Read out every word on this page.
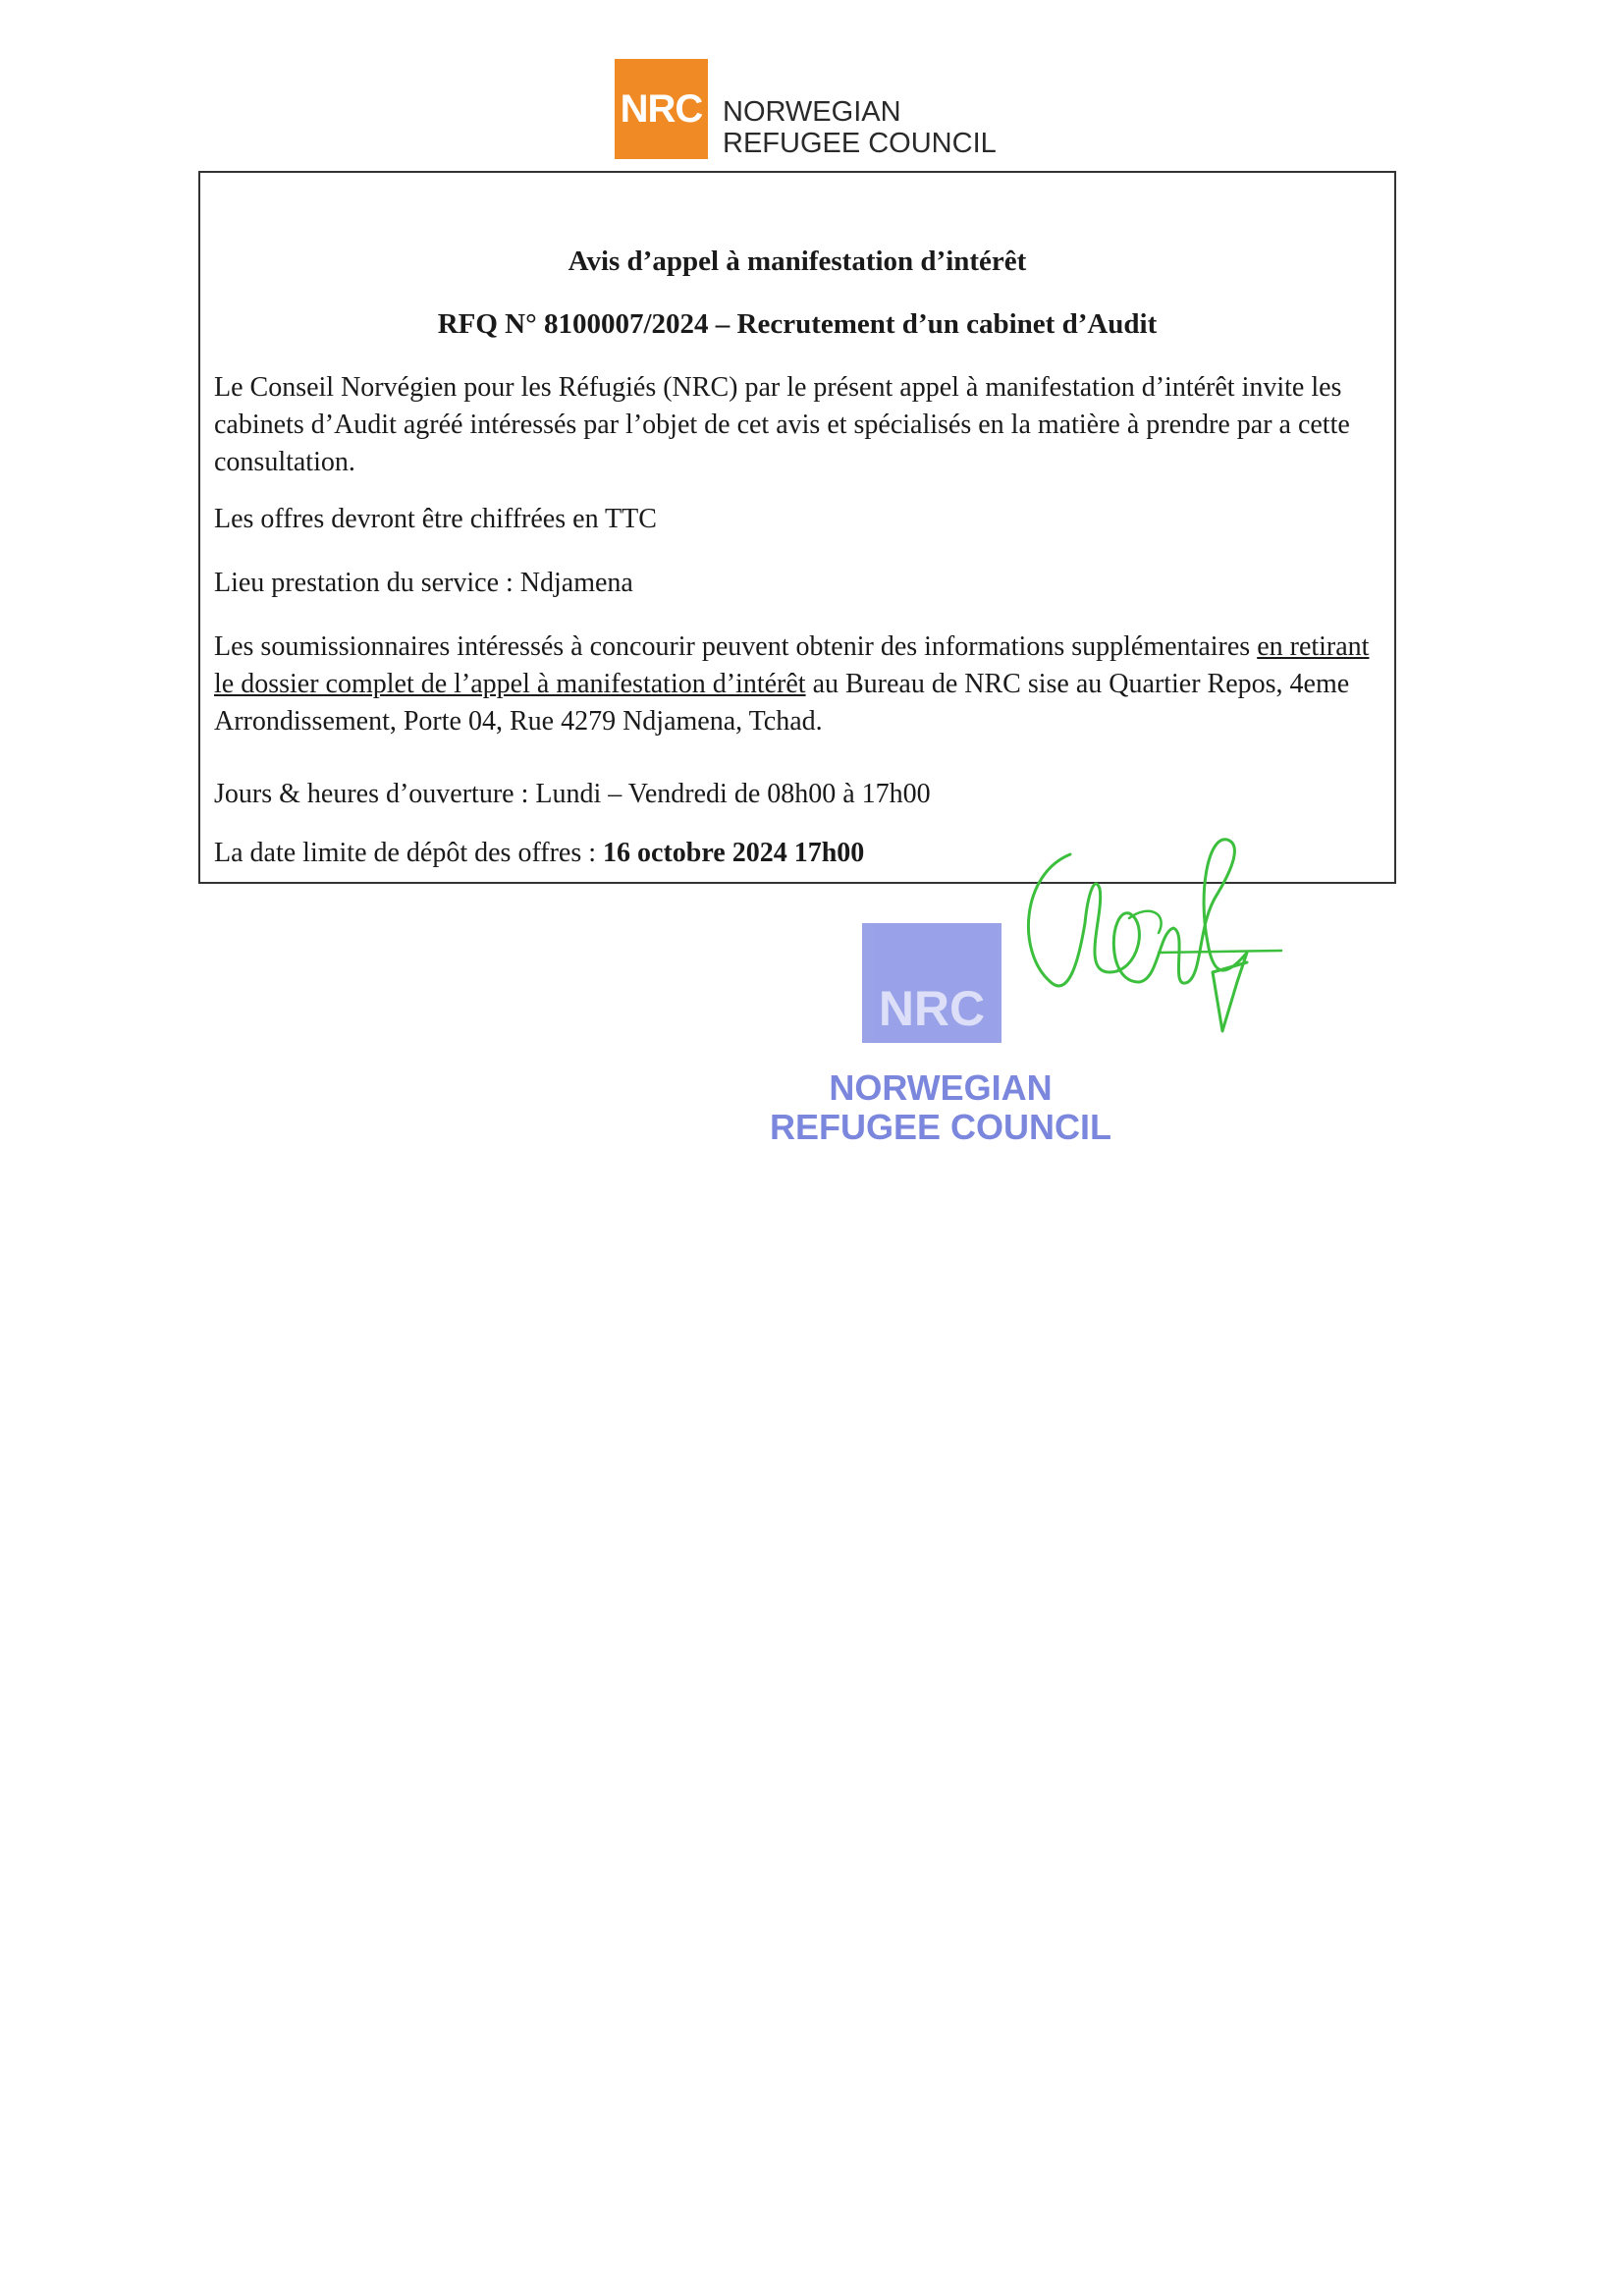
NRC NORWEGIAN
REFUGEE COUNCIL
Avis d’appel à manifestation d’intérêt
RFQ N° 8100007/2024 – Recrutement d’un cabinet d’Audit
Le Conseil Norvégien pour les Réfugiés (NRC) par le présent appel à manifestation d’intérêt invite les cabinets d’Audit agréé intéressés par l’objet de cet avis et spécialisés en la matière à prendre par a cette consultation.
Les offres devront être chiffrées en TTC
Lieu prestation du service : Ndjamena
Les soumissionnaires intéressés à concourir peuvent obtenir des informations supplémentaires en retirant le dossier complet de l’appel à manifestation d’intérêt au Bureau de NRC sise au Quartier Repos, 4eme Arrondissement, Porte 04, Rue 4279 Ndjamena, Tchad.
Jours & heures d’ouverture : Lundi – Vendredi de 08h00 à 17h00
La date limite de dépôt des offres : 16 octobre 2024 17h00
NRC
NORWEGIAN
REFUGEE COUNCIL
